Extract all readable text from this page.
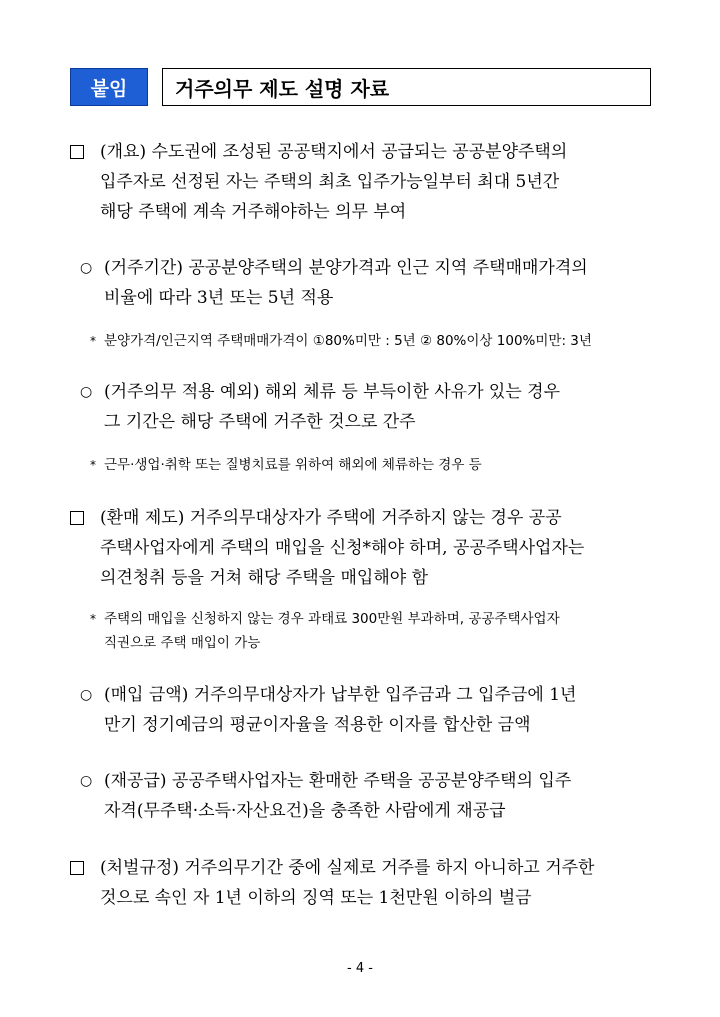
붙임	거주의무 제도 설명 자료
(개요) 수도권에 조성된 공공택지에서 공급되는 공공분양주택의
입주자로 선정된 자는 주택의 최초 입주가능일부터 최대 5년간
해당 주택에 계속 거주해야하는 의무 부여
○ (거주기간) 공공분양주택의 분양가격과 인근 지역 주택매매가격의
비율에 따라 3년 또는 5년 적용
* 분양가격/인근지역 주택매매가격이 ①80%미만 : 5년 ② 80%이상 100%미만: 3년
○ (거주의무 적용 예외) 해외 체류 등 부득이한 사유가 있는 경우
그 기간은 해당 주택에 거주한 것으로 간주
* 근무·생업·취학 또는 질병치료를 위하여 해외에 체류하는 경우 등
(환매 제도) 거주의무대상자가 주택에 거주하지 않는 경우 공공
주택사업자에게 주택의 매입을 신청*해야 하며, 공공주택사업자는
의견청취 등을 거쳐 해당 주택을 매입해야 함
* 주택의 매입을 신청하지 않는 경우 과태료 300만원 부과하며, 공공주택사업자
직권으로 주택 매입이 가능
○ (매입 금액) 거주의무대상자가 납부한 입주금과 그 입주금에 1년
만기 정기예금의 평균이자율을 적용한 이자를 합산한 금액
○ (재공급) 공공주택사업자는 환매한 주택을 공공분양주택의 입주
자격(무주택·소득·자산요건)을 충족한 사람에게 재공급
(처벌규정) 거주의무기간 중에 실제로 거주를 하지 아니하고 거주한
것으로 속인 자 1년 이하의 징역 또는 1천만원 이하의 벌금
- 4 -
